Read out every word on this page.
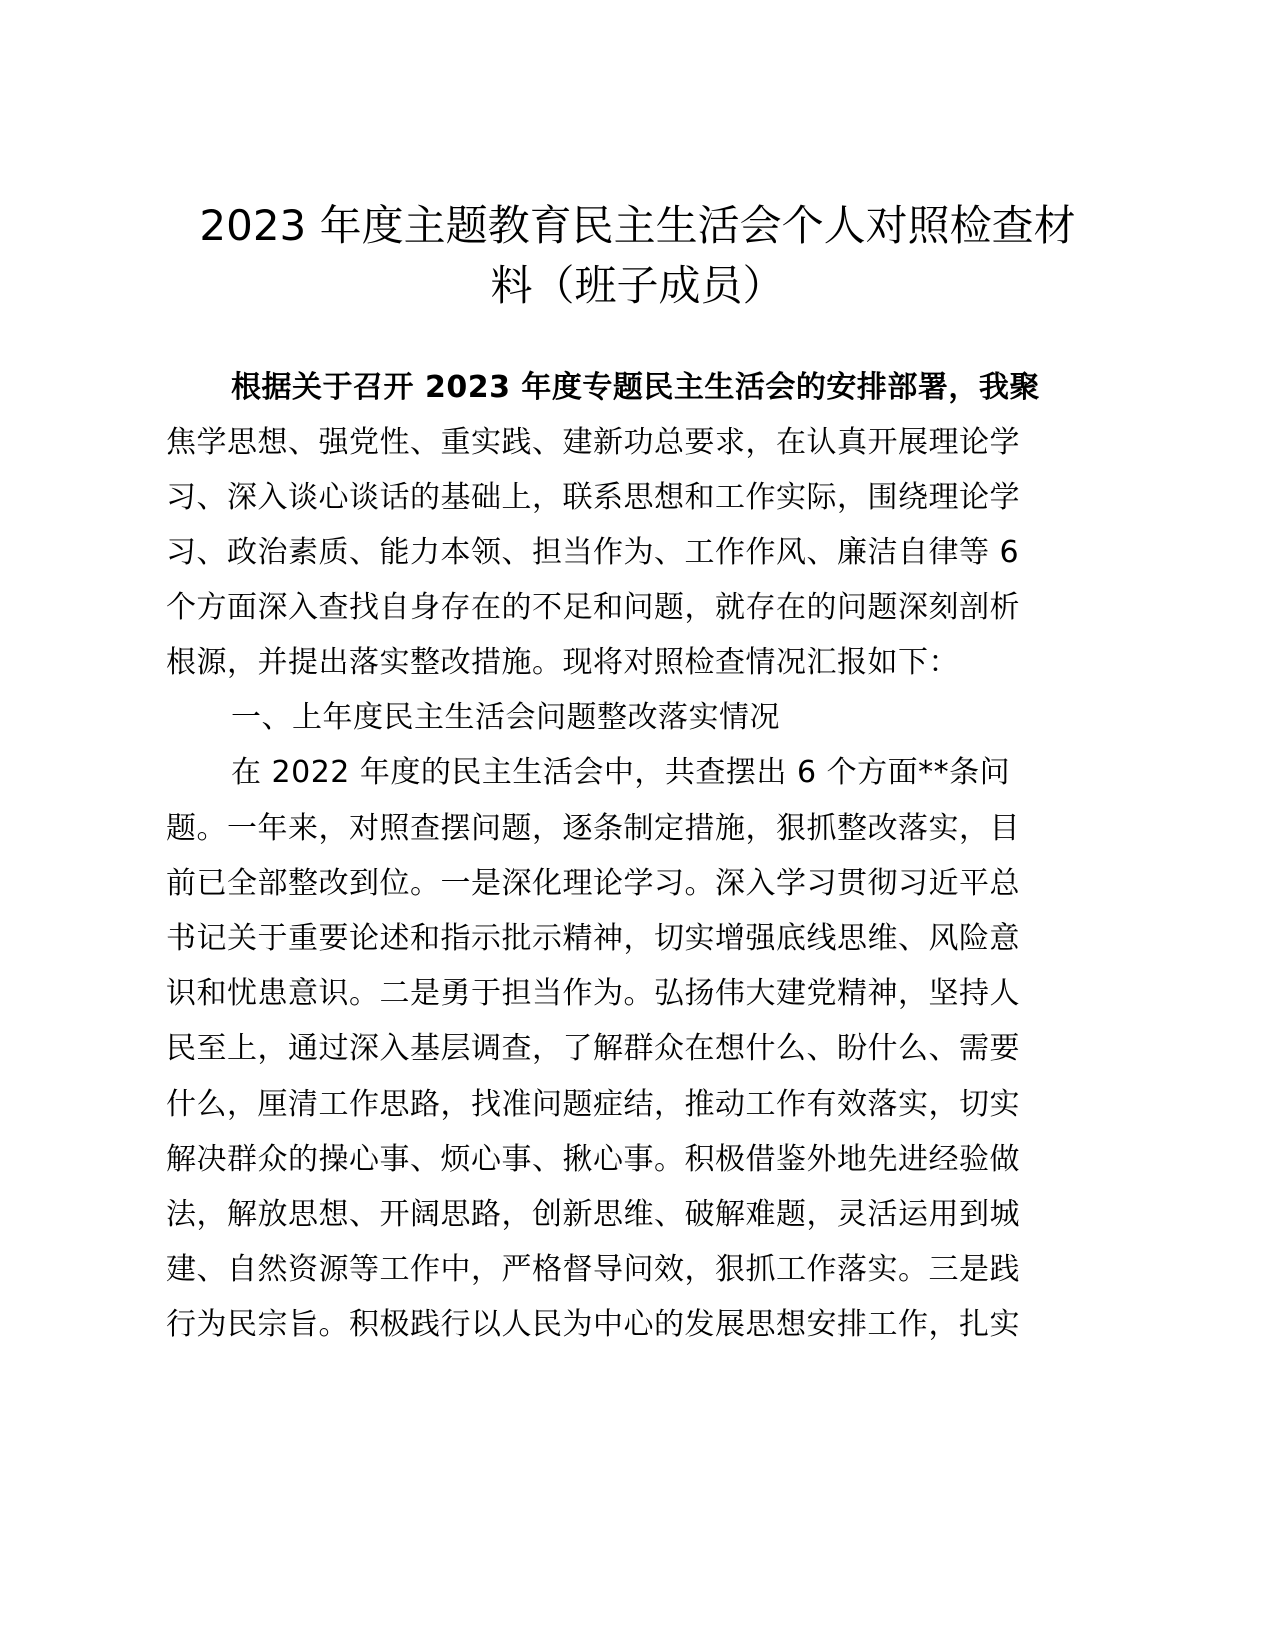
2023 年度主题教育民主生活会个人对照检查材
料（班子成员）
根据关于召开 2023 年度专题民主生活会的安排部署，我聚
焦学思想、强党性、重实践、建新功总要求，在认真开展理论学
习、深入谈心谈话的基础上，联系思想和工作实际，围绕理论学
习、政治素质、能力本领、担当作为、工作作风、廉洁自律等 6
个方面深入查找自身存在的不足和问题，就存在的问题深刻剖析
根源，并提出落实整改措施。现将对照检查情况汇报如下：
一、上年度民主生活会问题整改落实情况
在 2022 年度的民主生活会中，共查摆出 6 个方面**条问
题。一年来，对照查摆问题，逐条制定措施，狠抓整改落实，目
前已全部整改到位。一是深化理论学习。深入学习贯彻习近平总
书记关于重要论述和指示批示精神，切实增强底线思维、风险意
识和忧患意识。二是勇于担当作为。弘扬伟大建党精神，坚持人
民至上，通过深入基层调查，了解群众在想什么、盼什么、需要
什么，厘清工作思路，找准问题症结，推动工作有效落实，切实
解决群众的操心事、烦心事、揪心事。积极借鉴外地先进经验做
法，解放思想、开阔思路，创新思维、破解难题，灵活运用到城
建、自然资源等工作中，严格督导问效，狠抓工作落实。三是践
行为民宗旨。积极践行以人民为中心的发展思想安排工作，扎实
